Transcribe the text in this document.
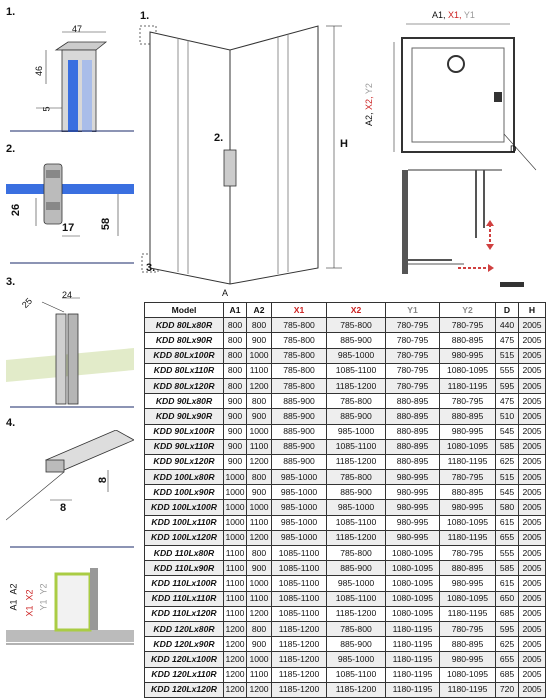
1.
47
46
5
2.
26
17 58
3.
25
24
4.
8
8
A1
A2
X1
X2
Y1
Y2
1.
2.
3.
H
A
A1, X1, Y1
A2, X2, Y2
D
Model	A1	A2	X1	X2	Y1	Y2	D	H
KDD 80Lx80R	800	800	785-800	785-800	780-795	780-795	440	2005
KDD 80Lx90R	800	900	785-800	885-900	780-795	880-895	475	2005
KDD 80Lx100R	800	1000	785-800	985-1000	780-795	980-995	515	2005
KDD 80Lx110R	800	1100	785-800	1085-1100	780-795	1080-1095	555	2005
KDD 80Lx120R	800	1200	785-800	1185-1200	780-795	1180-1195	595	2005
KDD 90Lx80R	900	800	885-900	785-800	880-895	780-795	475	2005
KDD 90Lx90R	900	900	885-900	885-900	880-895	880-895	510	2005
KDD 90Lx100R	900	1000	885-900	985-1000	880-895	980-995	545	2005
KDD 90Lx110R	900	1100	885-900	1085-1100	880-895	1080-1095	585	2005
KDD 90Lx120R	900	1200	885-900	1185-1200	880-895	1180-1195	625	2005
KDD 100Lx80R	1000	800	985-1000	785-800	980-995	780-795	515	2005
KDD 100Lx90R	1000	900	985-1000	885-900	980-995	880-895	545	2005
KDD 100Lx100R	1000	1000	985-1000	985-1000	980-995	980-995	580	2005
KDD 100Lx110R	1000	1100	985-1000	1085-1100	980-995	1080-1095	615	2005
KDD 100Lx120R	1000	1200	985-1000	1185-1200	980-995	1180-1195	655	2005
KDD 110Lx80R	1100	800	1085-1100	785-800	1080-1095	780-795	555	2005
KDD 110Lx90R	1100	900	1085-1100	885-900	1080-1095	880-895	585	2005
KDD 110Lx100R	1100	1000	1085-1100	985-1000	1080-1095	980-995	615	2005
KDD 110Lx110R	1100	1100	1085-1100	1085-1100	1080-1095	1080-1095	650	2005
KDD 110Lx120R	1100	1200	1085-1100	1185-1200	1080-1095	1180-1195	685	2005
KDD 120Lx80R	1200	800	1185-1200	785-800	1180-1195	780-795	595	2005
KDD 120Lx90R	1200	900	1185-1200	885-900	1180-1195	880-895	625	2005
KDD 120Lx100R	1200	1000	1185-1200	985-1000	1180-1195	980-995	655	2005
KDD 120Lx110R	1200	1100	1185-1200	1085-1100	1180-1195	1080-1095	685	2005
KDD 120Lx120R	1200	1200	1185-1200	1185-1200	1180-1195	1180-1195	720	2005
